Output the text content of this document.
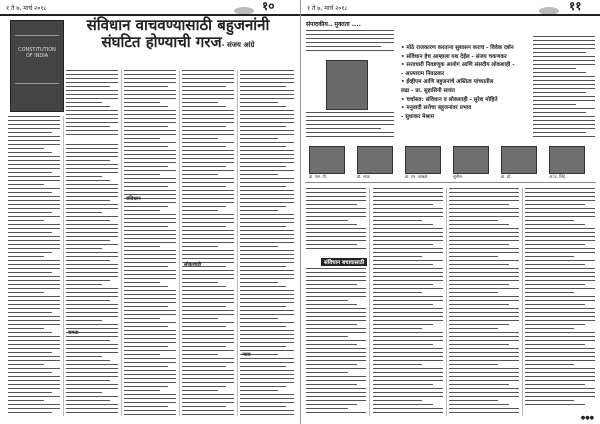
१ ते ७, मार्च २०१८	१०
CONSTITUTION OF INDIA
संविधान वाचवण्यासाठी बहुजनांनी
संघटित होण्याची गरज- संजय आंग्रे
संविधान
लोकशाही
समता
न्याय
१ ते ७, मार्च २०१८	११
संपादकीय.. मुक्तता ....
• मोठे राजकारण करताना सुशासन कराच - विवेक दर्शन
• संविधान हेच आम्हाला यश देईल - संजय चकणकर
• सत्ताधारी निवडणूक आयोग आणि संसदीय लोकशाही -
- आत्माराम निवळकर
• ईव्हीएम आणि बहुजनांचे अस्तित्व यांच्यातील
लढा - प्रा. सुहासिनी सावंत
• चर्चासत्र: संविधान व लोकशाही - सुरेश मोहिते
• मनुवादी सत्तेचा बहुजनांवर प्रभाव
- सुधाकर मेश्राम
प्रा. एस. पी.	डॉ. भाऊ	प्रा. एन. कांबळे	सुनील	प्रा. डॉ.	अॅड. शिंदे
संविधान बचावासाठी
●●●
